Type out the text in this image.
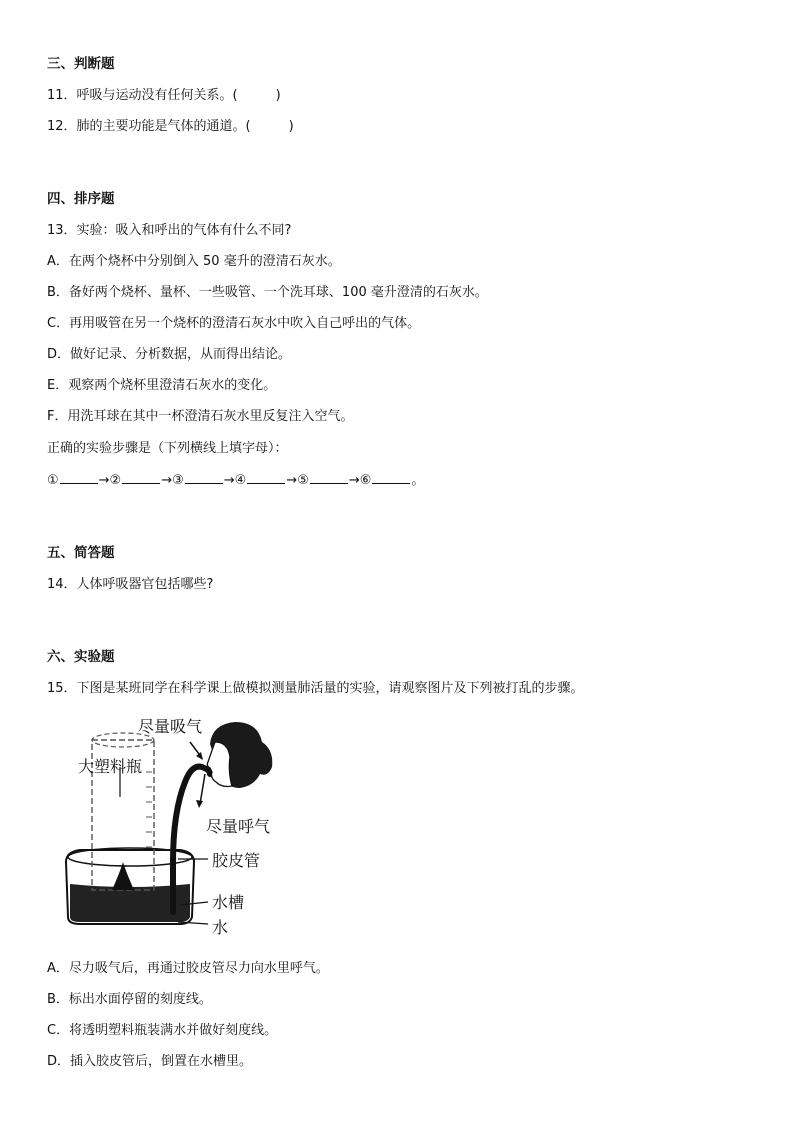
三、判断题
11．呼吸与运动没有任何关系。(	)
12．肺的主要功能是气体的通道。(	)
四、排序题
13．实验：吸入和呼出的气体有什么不同?
A．在两个烧杯中分别倒入 50 毫升的澄清石灰水。
B．备好两个烧杯、量杯、一些吸管、一个洗耳球、100 毫升澄清的石灰水。
C．再用吸管在另一个烧杯的澄清石灰水中吹入自己呼出的气体。
D．做好记录、分析数据，从而得出结论。
E．观察两个烧杯里澄清石灰水的变化。
F．用洗耳球在其中一杯澄清石灰水里反复注入空气。
正确的实验步骤是（下列横线上填字母）：
①	→②	→③	→④	→⑤	→⑥	。
五、简答题
14．人体呼吸器官包括哪些?
六、实验题
15．下图是某班同学在科学课上做模拟测量肺活量的实验，请观察图片及下列被打乱的步骤。
尽量吸气
大塑料瓶
尽量呼气
胶皮管
水槽
水
A．尽力吸气后，再通过胶皮管尽力向水里呼气。
B．标出水面停留的刻度线。
C．将透明塑料瓶装满水并做好刻度线。
D．插入胶皮管后，倒置在水槽里。
